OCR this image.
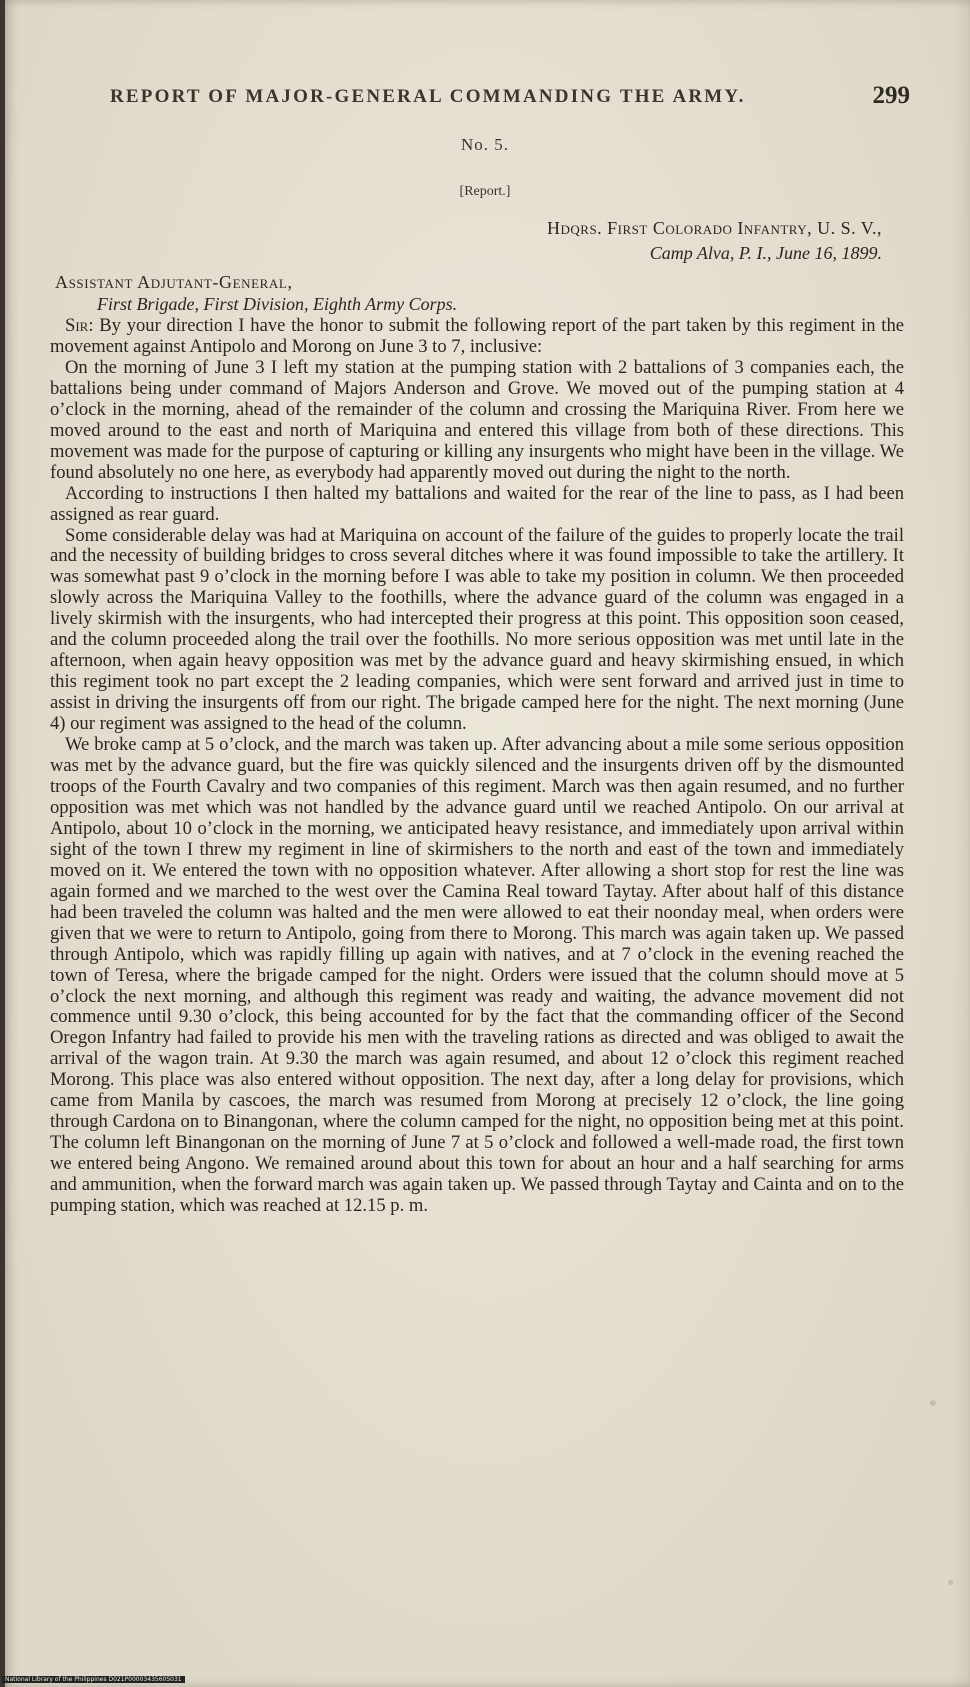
REPORT OF MAJOR-GENERAL COMMANDING THE ARMY.	299
No. 5.
[Report.]
Hdqrs. First Colorado Infantry, U. S. V.,
Camp Alva, P. I., June 16, 1899.
Assistant Adjutant-General,
First Brigade, First Division, Eighth Army Corps.

Sir: By your direction I have the honor to submit the following report of the part taken by this regiment in the movement against Antipolo and Morong on June 3 to 7, inclusive:

On the morning of June 3 I left my station at the pumping station with 2 battalions of 3 companies each, the battalions being under command of Majors Anderson and Grove. We moved out of the pumping station at 4 o’clock in the morning, ahead of the remainder of the column and crossing the Mariquina River. From here we moved around to the east and north of Mariquina and entered this village from both of these directions. This movement was made for the purpose of capturing or killing any insurgents who might have been in the village. We found absolutely no one here, as everybody had apparently moved out during the night to the north.

According to instructions I then halted my battalions and waited for the rear of the line to pass, as I had been assigned as rear guard.

Some considerable delay was had at Mariquina on account of the failure of the guides to properly locate the trail and the necessity of building bridges to cross several ditches where it was found impossible to take the artillery. It was somewhat past 9 o’clock in the morning before I was able to take my position in column. We then proceeded slowly across the Mariquina Valley to the foothills, where the advance guard of the column was engaged in a lively skirmish with the insurgents, who had intercepted their progress at this point. This opposition soon ceased, and the column proceeded along the trail over the foothills. No more serious opposition was met until late in the afternoon, when again heavy opposition was met by the advance guard and heavy skirmishing ensued, in which this regiment took no part except the 2 leading companies, which were sent forward and arrived just in time to assist in driving the insurgents off from our right. The brigade camped here for the night. The next morning (June 4) our regiment was assigned to the head of the column.

We broke camp at 5 o’clock, and the march was taken up. After advancing about a mile some serious opposition was met by the advance guard, but the fire was quickly silenced and the insurgents driven off by the dismounted troops of the Fourth Cavalry and two companies of this regiment. March was then again resumed, and no further opposition was met which was not handled by the advance guard until we reached Antipolo. On our arrival at Antipolo, about 10 o’clock in the morning, we anticipated heavy resistance, and immediately upon arrival within sight of the town I threw my regiment in line of skirmishers to the north and east of the town and immediately moved on it. We entered the town with no opposition whatever. After allowing a short stop for rest the line was again formed and we marched to the west over the Camina Real toward Taytay. After about half of this distance had been traveled the column was halted and the men were allowed to eat their noonday meal, when orders were given that we were to return to Antipolo, going from there to Morong. This march was again taken up. We passed through Antipolo, which was rapidly filling up again with natives, and at 7 o’clock in the evening reached the town of Teresa, where the brigade camped for the night. Orders were issued that the column should move at 5 o’clock the next morning, and although this regiment was ready and waiting, the advance movement did not commence until 9.30 o’clock, this being accounted for by the fact that the commanding officer of the Second Oregon Infantry had failed to provide his men with the traveling rations as directed and was obliged to await the arrival of the wagon train. At 9.30 the march was again resumed, and about 12 o’clock this regiment reached Morong. This place was also entered without opposition. The next day, after a long delay for provisions, which came from Manila by cascoes, the march was resumed from Morong at precisely 12 o’clock, the line going through Cardona on to Binangonan, where the column camped for the night, no opposition being met at this point. The column left Binangonan on the morning of June 7 at 5 o’clock and followed a well-made road, the first town we entered being Angono. We remained around about this town for about an hour and a half searching for arms and ammunition, when the forward march was again taken up. We passed through Taytay and Cainta and on to the pumping station, which was reached at 12.15 p. m.

National Library of the Philippines D021P0000343560S031
